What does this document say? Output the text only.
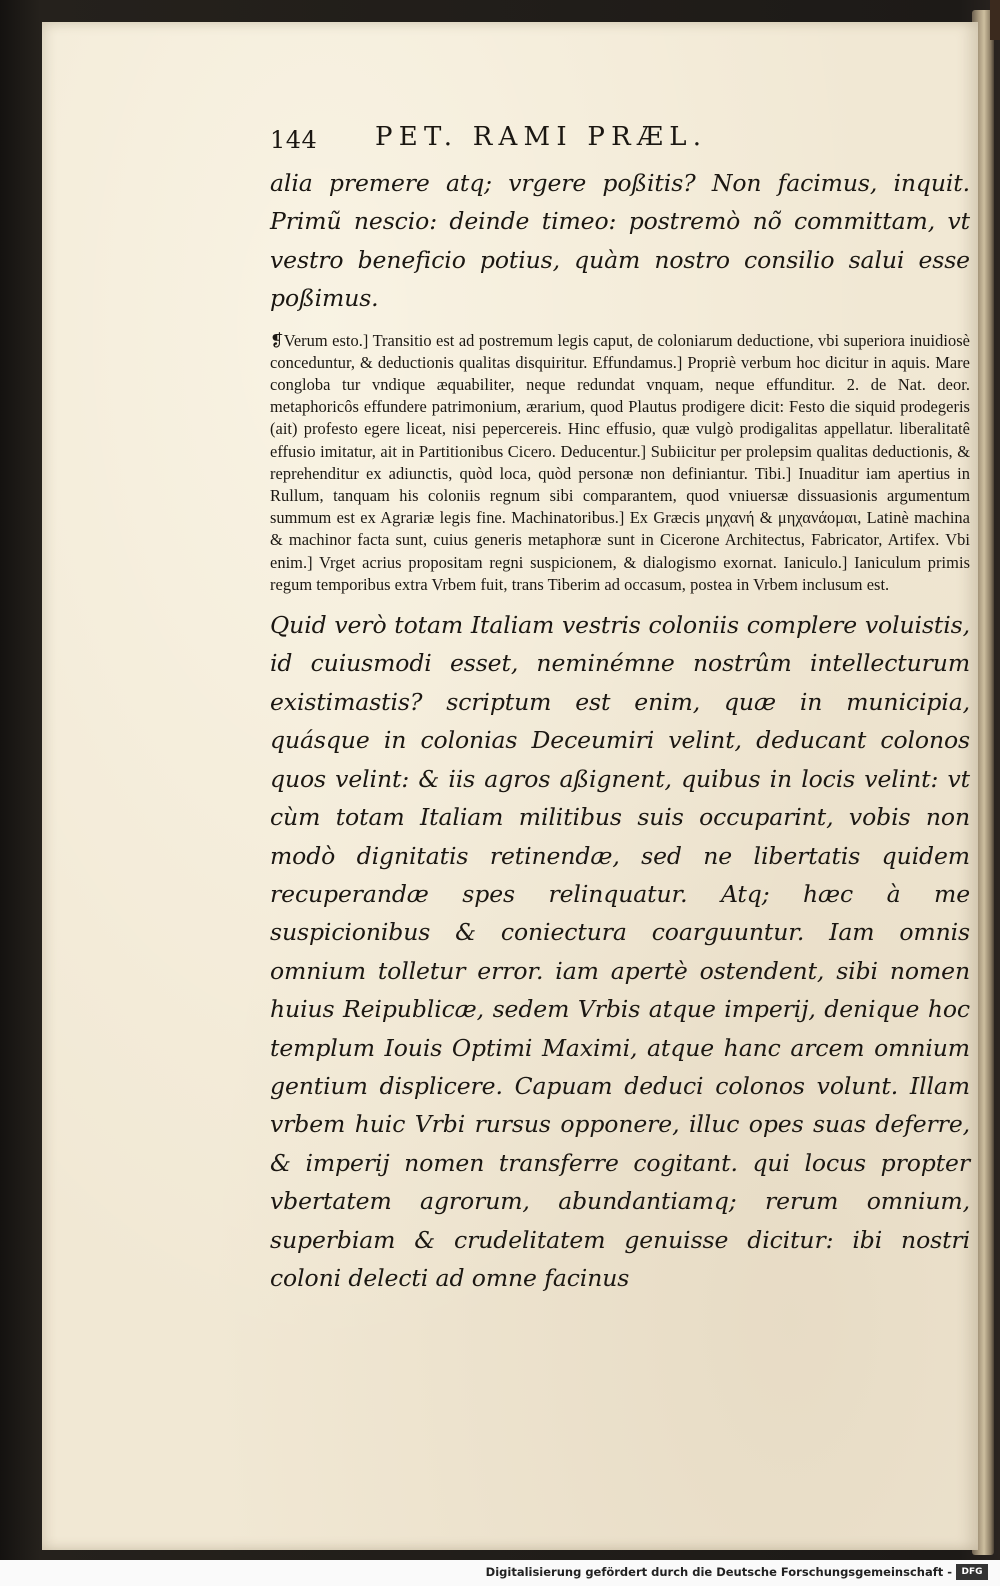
144 PET. RAMI PRÆL.

alia premere atq; vrgere poßitis? Non facimus, inquit. Primũ nescio: deinde timeo: postremò nõ committam, vt vestro beneficio potius, quàm nostro consilio salui esse poßimus.

❡Verum esto.] Transitio est ad postremum legis caput, de coloniarum deductione, vbi superiora inuidiosè conceduntur, & deductionis qualitas disquiritur. Effundamus.] Propriè verbum hoc dicitur in aquis. Mare congloba tur vndique æquabiliter, neque redundat vnquam, neque effunditur. 2. de Nat. deor. metaphoricôs effundere patrimonium, ærarium, quod Plautus prodigere dicit: Festo die siquid prodegeris (ait) profesto egere liceat, nisi pepercereis. Hinc effusio, quæ vulgò prodigalitas appellatur. liberalitatê effusio imitatur, ait in Partitionibus Cicero. Deducentur.] Subiicitur per prolepsim qualitas deductionis, & reprehenditur ex adiunctis, quòd loca, quòd personæ non definiantur. Tibi.] Inuaditur iam apertius in Rullum, tanquam his coloniis regnum sibi comparantem, quod vniuersæ dissuasionis argumentum summum est ex Agrariæ legis fine. Machinatoribus.] Ex Græcis μηχανή & μηχανάομαι, Latinè machina & machinor facta sunt, cuius generis metaphoræ sunt in Cicerone Architectus, Fabricator, Artifex. Vbi enim.] Vrget acrius propositam regni suspicionem, & dialogismo exornat. Ianiculo.] Ianiculum primis regum temporibus extra Vrbem fuit, trans Tiberim ad occasum, postea in Vrbem inclusum est.

Quid verò totam Italiam vestris coloniis complere voluistis, id cuiusmodi esset, neminémne nostrûm intellecturum existimastis? scriptum est enim, quæ in municipia, quásque in colonias Deceumiri velint, deducant colonos quos velint: & iis agros aßignent, quibus in locis velint: vt cùm totam Italiam militibus suis occuparint, vobis non modò dignitatis retinendæ, sed ne libertatis quidem recuperandæ spes relinquatur. Atq; hæc à me suspicionibus & coniectura coarguuntur. Iam omnis omnium tolletur error. iam apertè ostendent, sibi nomen huius Reipublicæ, sedem Vrbis atque imperij, denique hoc templum Iouis Optimi Maximi, atque hanc arcem omnium gentium displicere. Capuam deduci colonos volunt. Illam vrbem huic Vrbi rursus opponere, illuc opes suas deferre, & imperij nomen transferre cogitant. qui locus propter vbertatem agrorum, abundantiamq; rerum omnium, superbiam & crudelitatem genuisse dicitur: ibi nostri coloni delecti ad omne facinus

Digitalisierung gefördert durch die Deutsche Forschungsgemeinschaft -	DFG
